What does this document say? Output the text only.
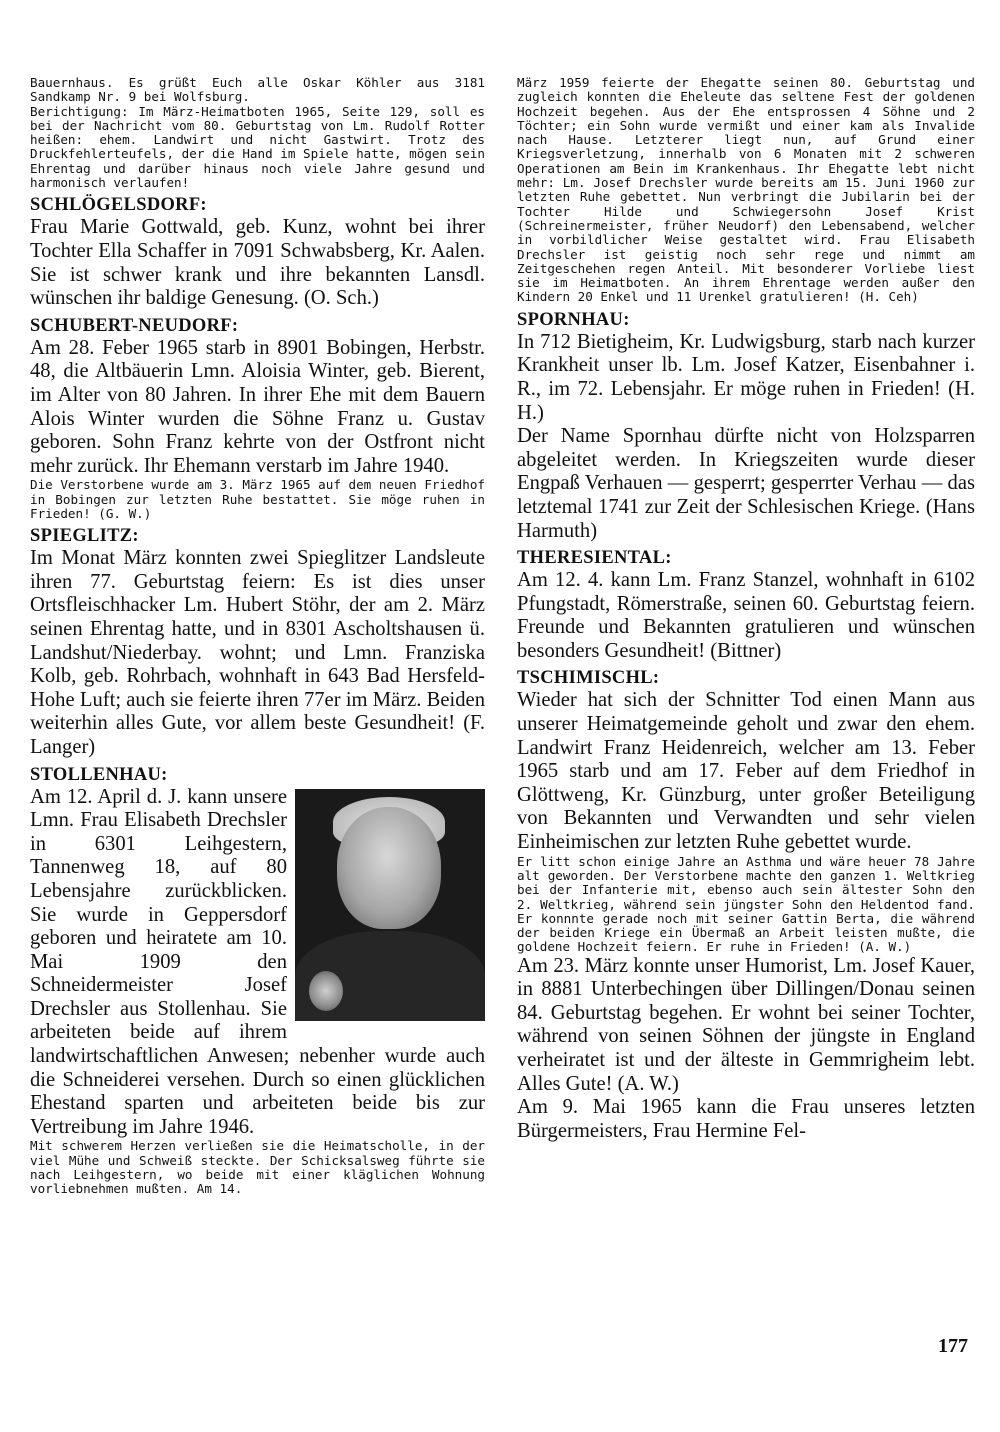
Bauernhaus. Es grüßt Euch alle Oskar Köhler aus 3181 Sandkamp Nr. 9 bei Wolfsburg.

Berichtigung: Im März-Heimatboten 1965, Seite 129, soll es bei der Nachricht vom 80. Geburtstag von Lm. Rudolf Rotter heißen: ehem. Landwirt und nicht Gastwirt. Trotz des Druckfehlerteufels, der die Hand im Spiele hatte, mögen sein Ehrentag und darüber hinaus noch viele Jahre gesund und harmonisch verlaufen!

SCHLÖGELSDORF:

Frau Marie Gottwald, geb. Kunz, wohnt bei ihrer Tochter Ella Schaffer in 7091 Schwabsberg, Kr. Aalen. Sie ist schwer krank und ihre bekannten Lansdl. wünschen ihr baldige Genesung. (O. Sch.)

SCHUBERT-NEUDORF:

Am 28. Feber 1965 starb in 8901 Bobingen, Herbstr. 48, die Altbäuerin Lmn. Aloisia Winter, geb. Bierent, im Alter von 80 Jahren. In ihrer Ehe mit dem Bauern Alois Winter wurden die Söhne Franz u. Gustav geboren. Sohn Franz kehrte von der Ostfront nicht mehr zurück. Ihr Ehemann verstarb im Jahre 1940.

Die Verstorbene wurde am 3. März 1965 auf dem neuen Friedhof in Bobingen zur letzten Ruhe bestattet. Sie möge ruhen in Frieden! (G. W.)

SPIEGLITZ:

Im Monat März konnten zwei Spieglitzer Landsleute ihren 77. Geburtstag feiern: Es ist dies unser Ortsfleischhacker Lm. Hubert Stöhr, der am 2. März seinen Ehrentag hatte, und in 8301 Ascholtshausen ü. Landshut/Niederbay. wohnt; und Lmn. Franziska Kolb, geb. Rohrbach, wohnhaft in 643 Bad Hersfeld-Hohe Luft; auch sie feierte ihren 77er im März. Beiden weiterhin alles Gute, vor allem beste Gesundheit! (F. Langer)

STOLLENHAU:

Am 12. April d. J. kann unsere Lmn. Frau Elisabeth Drechsler in 6301 Leihgestern, Tannenweg 18, auf 80 Lebensjahre zurückblicken. Sie wurde in Geppersdorf geboren und heiratete am 10. Mai 1909 den Schneidermeister Josef Drechsler aus Stollenhau. Sie arbeiteten beide auf ihrem landwirtschaftlichen Anwesen; nebenher wurde auch die Schneiderei versehen. Durch so einen glücklichen Ehestand sparten und arbeiteten beide bis zur Vertreibung im Jahre 1946.

Mit schwerem Herzen verließen sie die Heimatscholle, in der viel Mühe und Schweiß steckte. Der Schicksalsweg führte sie nach Leihgestern, wo beide mit einer kläglichen Wohnung vorliebnehmen mußten. Am 14.

März 1959 feierte der Ehegatte seinen 80. Geburtstag und zugleich konnten die Eheleute das seltene Fest der goldenen Hochzeit begehen. Aus der Ehe entsprossen 4 Söhne und 2 Töchter; ein Sohn wurde vermißt und einer kam als Invalide nach Hause. Letzterer liegt nun, auf Grund einer Kriegsverletzung, innerhalb von 6 Monaten mit 2 schweren Operationen am Bein im Krankenhaus. Ihr Ehegatte lebt nicht mehr: Lm. Josef Drechsler wurde bereits am 15. Juni 1960 zur letzten Ruhe gebettet. Nun verbringt die Jubilarin bei der Tochter Hilde und Schwiegersohn Josef Krist (Schreinermeister, früher Neudorf) den Lebensabend, welcher in vorbildlicher Weise gestaltet wird. Frau Elisabeth Drechsler ist geistig noch sehr rege und nimmt am Zeitgeschehen regen Anteil. Mit besonderer Vorliebe liest sie im Heimatboten. An ihrem Ehrentage werden außer den Kindern 20 Enkel und 11 Urenkel gratulieren! (H. Ceh)

SPORNHAU:

In 712 Bietigheim, Kr. Ludwigsburg, starb nach kurzer Krankheit unser lb. Lm. Josef Katzer, Eisenbahner i. R., im 72. Lebensjahr. Er möge ruhen in Frieden! (H. H.)

Der Name Spornhau dürfte nicht von Holzsparren abgeleitet werden. In Kriegszeiten wurde dieser Engpaß Verhauen — gesperrt; gesperrter Verhau — das letztemal 1741 zur Zeit der Schlesischen Kriege. (Hans Harmuth)

THERESIENTAL:

Am 12. 4. kann Lm. Franz Stanzel, wohnhaft in 6102 Pfungstadt, Römerstraße, seinen 60. Geburtstag feiern. Freunde und Bekannten gratulieren und wünschen besonders Gesundheit! (Bittner)

TSCHIMISCHL:

Wieder hat sich der Schnitter Tod einen Mann aus unserer Heimatgemeinde geholt und zwar den ehem. Landwirt Franz Heidenreich, welcher am 13. Feber 1965 starb und am 17. Feber auf dem Friedhof in Glöttweng, Kr. Günzburg, unter großer Beteiligung von Bekannten und Verwandten und sehr vielen Einheimischen zur letzten Ruhe gebettet wurde.

Er litt schon einige Jahre an Asthma und wäre heuer 78 Jahre alt geworden. Der Verstorbene machte den ganzen 1. Weltkrieg bei der Infanterie mit, ebenso auch sein ältester Sohn den 2. Weltkrieg, während sein jüngster Sohn den Heldentod fand. Er konnnte gerade noch mit seiner Gattin Berta, die während der beiden Kriege ein Übermaß an Arbeit leisten mußte, die goldene Hochzeit feiern. Er ruhe in Frieden! (A. W.)

Am 23. März konnte unser Humorist, Lm. Josef Kauer, in 8881 Unterbechingen über Dillingen/Donau seinen 84. Geburtstag begehen. Er wohnt bei seiner Tochter, während von seinen Söhnen der jüngste in England verheiratet ist und der älteste in Gemmrigheim lebt. Alles Gute! (A. W.)

Am 9. Mai 1965 kann die Frau unseres letzten Bürgermeisters, Frau Hermine Fel-

177
